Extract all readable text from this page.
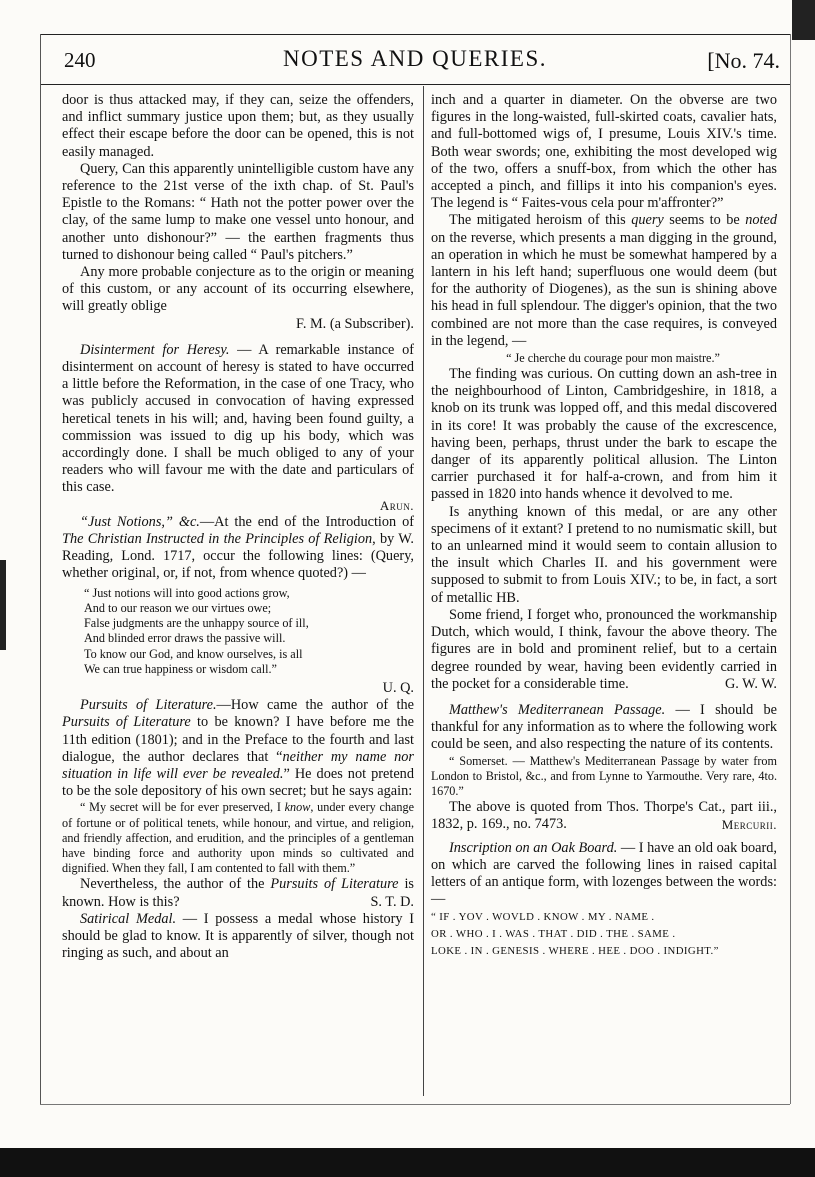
240	NOTES AND QUERIES.	[No. 74.

door is thus attacked may, if they can, seize the offenders, and inflict summary justice upon them; but, as they usually effect their escape before the door can be opened, this is not easily managed.

Query, Can this apparently unintelligible custom have any reference to the 21st verse of the ixth chap. of St. Paul's Epistle to the Romans: “ Hath not the potter power over the clay, of the same lump to make one vessel unto honour, and another unto dishonour?” — the earthen fragments thus turned to dishonour being called “ Paul's pitchers.”

Any more probable conjecture as to the origin or meaning of this custom, or any account of its occurring elsewhere, will greatly oblige

F. M. (a Subscriber).

Disinterment for Heresy. — A remarkable instance of disinterment on account of heresy is stated to have occurred a little before the Reformation, in the case of one Tracy, who was publicly accused in convocation of having expressed heretical tenets in his will; and, having been found guilty, a commission was issued to dig up his body, which was accordingly done. I shall be much obliged to any of your readers who will favour me with the date and particulars of this case.

Arun.

“Just Notions,” &c.—At the end of the Introduction of The Christian Instructed in the Principles of Religion, by W. Reading, Lond. 1717, occur the following lines: (Query, whether original, or, if not, from whence quoted?) —

“ Just notions will into good actions grow,
And to our reason we our virtues owe;
False judgments are the unhappy source of ill,
And blinded error draws the passive will.
To know our God, and know ourselves, is all
We can true happiness or wisdom call.”

U. Q.

Pursuits of Literature.—How came the author of the Pursuits of Literature to be known? I have before me the 11th edition (1801); and in the Preface to the fourth and last dialogue, the author declares that “neither my name nor situation in life will ever be revealed.” He does not pretend to be the sole depository of his own secret; but he says again:

“ My secret will be for ever preserved, I know, under every change of fortune or of political tenets, while honour, and virtue, and religion, and friendly affection, and erudition, and the principles of a gentleman have binding force and authority upon minds so cultivated and dignified. When they fall, I am contented to fall with them.”

Nevertheless, the author of the Pursuits of Literature is known. How is this?	S. T. D.

Satirical Medal. — I possess a medal whose history I should be glad to know. It is apparently of silver, though not ringing as such, and about an

inch and a quarter in diameter. On the obverse are two figures in the long-waisted, full-skirted coats, cavalier hats, and full-bottomed wigs of, I presume, Louis XIV.'s time. Both wear swords; one, exhibiting the most developed wig of the two, offers a snuff-box, from which the other has accepted a pinch, and fillips it into his companion's eyes. The legend is “ Faites-vous cela pour m'affronter?”

The mitigated heroism of this query seems to be noted on the reverse, which presents a man digging in the ground, an operation in which he must be somewhat hampered by a lantern in his left hand; superfluous one would deem (but for the authority of Diogenes), as the sun is shining above his head in full splendour. The digger's opinion, that the two combined are not more than the case requires, is conveyed in the legend, —

“ Je cherche du courage pour mon maistre.”

The finding was curious. On cutting down an ash-tree in the neighbourhood of Linton, Cambridgeshire, in 1818, a knob on its trunk was lopped off, and this medal discovered in its core! It was probably the cause of the excrescence, having been, perhaps, thrust under the bark to escape the danger of its apparently political allusion. The Linton carrier purchased it for half-a-crown, and from him it passed in 1820 into hands whence it devolved to me.

Is anything known of this medal, or are any other specimens of it extant? I pretend to no numismatic skill, but to an unlearned mind it would seem to contain allusion to the insult which Charles II. and his government were supposed to submit to from Louis XIV.; to be, in fact, a sort of metallic HB.

Some friend, I forget who, pronounced the workmanship Dutch, which would, I think, favour the above theory. The figures are in bold and prominent relief, but to a certain degree rounded by wear, having been evidently carried in the pocket for a considerable time.	G. W. W.

Matthew's Mediterranean Passage. — I should be thankful for any information as to where the following work could be seen, and also respecting the nature of its contents.

“ Somerset. — Matthew's Mediterranean Passage by water from London to Bristol, &c., and from Lynne to Yarmouthe. Very rare, 4to. 1670.”

The above is quoted from Thos. Thorpe's Cat., part iii., 1832, p. 169., no. 7473.	Mercurii.

Inscription on an Oak Board. — I have an old oak board, on which are carved the following lines in raised capital letters of an antique form, with lozenges between the words: —

“ IF . YOV . WOVLD . KNOW . MY . NAME .
OR . WHO . I . WAS . THAT . DID . THE . SAME .
LOKE . IN . GENESIS . WHERE . HEE . DOO . INDIGHT.”
